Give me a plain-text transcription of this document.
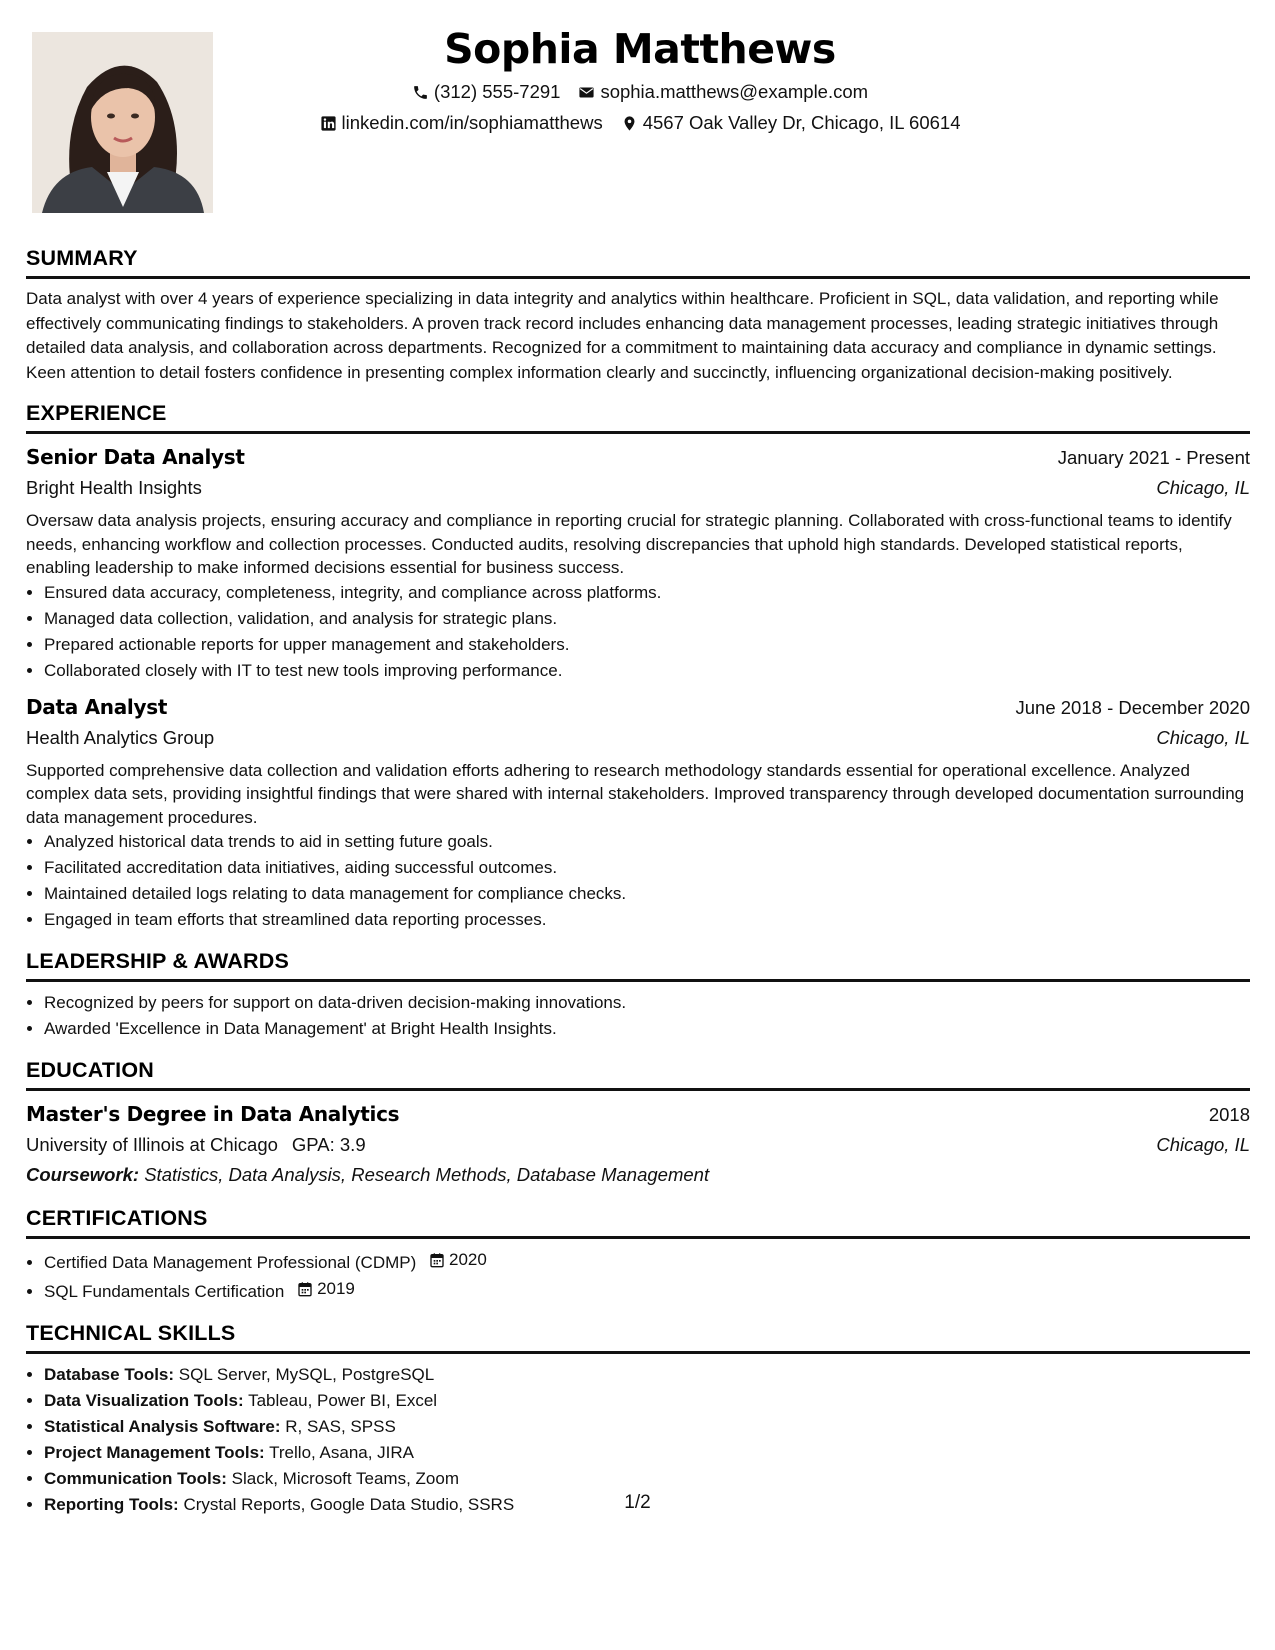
Sophia Matthews
(312) 555-7291 sophia.matthews@example.com
linkedin.com/in/sophiamatthews 4567 Oak Valley Dr, Chicago, IL 60614
SUMMARY

Data analyst with over 4 years of experience specializing in data integrity and analytics within healthcare. Proficient in SQL, data validation, and reporting while effectively communicating findings to stakeholders. A proven track record includes enhancing data management processes, leading strategic initiatives through detailed data analysis, and collaboration across departments. Recognized for a commitment to maintaining data accuracy and compliance in dynamic settings. Keen attention to detail fosters confidence in presenting complex information clearly and succinctly, influencing organizational decision-making positively.

EXPERIENCE
Senior Data Analyst	January 2021 - Present
Bright Health Insights	Chicago, IL

Oversaw data analysis projects, ensuring accuracy and compliance in reporting crucial for strategic planning. Collaborated with cross-functional teams to identify needs, enhancing workflow and collection processes. Conducted audits, resolving discrepancies that uphold high standards. Developed statistical reports, enabling leadership to make informed decisions essential for business success.

• Ensured data accuracy, completeness, integrity, and compliance across platforms.
• Managed data collection, validation, and analysis for strategic plans.
• Prepared actionable reports for upper management and stakeholders.
• Collaborated closely with IT to test new tools improving performance.
Data Analyst	June 2018 - December 2020
Health Analytics Group	Chicago, IL

Supported comprehensive data collection and validation efforts adhering to research methodology standards essential for operational excellence. Analyzed complex data sets, providing insightful findings that were shared with internal stakeholders. Improved transparency through developed documentation surrounding data management procedures.

• Analyzed historical data trends to aid in setting future goals.
• Facilitated accreditation data initiatives, aiding successful outcomes.
• Maintained detailed logs relating to data management for compliance checks.
• Engaged in team efforts that streamlined data reporting processes.
LEADERSHIP & AWARDS
• Recognized by peers for support on data-driven decision-making innovations.
• Awarded 'Excellence in Data Management' at Bright Health Insights.
EDUCATION
Master's Degree in Data Analytics	2018
University of Illinois at Chicago GPA: 3.9	Chicago, IL
Coursework: Statistics, Data Analysis, Research Methods, Database Management
CERTIFICATIONS
• Certified Data Management Professional (CDMP) 2020
• SQL Fundamentals Certification 2019
TECHNICAL SKILLS
• Database Tools: SQL Server, MySQL, PostgreSQL
• Data Visualization Tools: Tableau, Power BI, Excel
• Statistical Analysis Software: R, SAS, SPSS
• Project Management Tools: Trello, Asana, JIRA
• Communication Tools: Slack, Microsoft Teams, Zoom
• Reporting Tools: Crystal Reports, Google Data Studio, SSRS	1/2
